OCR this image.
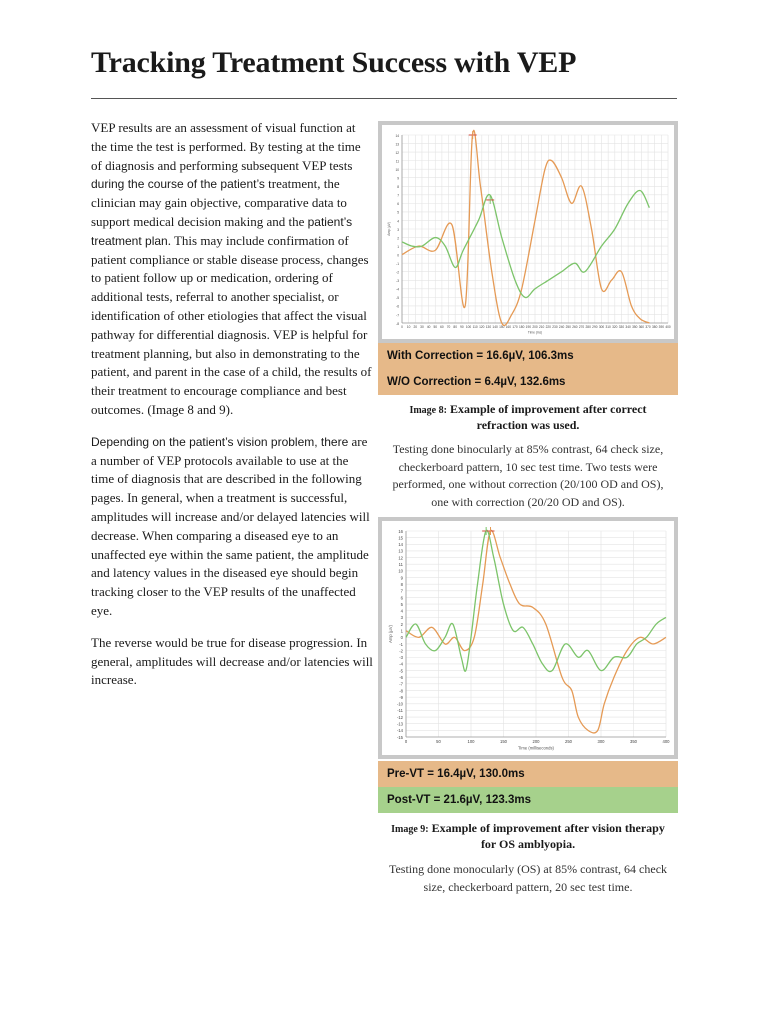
Tracking Treatment Success with VEP

VEP results are an assessment of visual function at the time the test is performed. By testing at the time of diagnosis and performing subsequent VEP tests during the course of the patient’s treatment, the clinician may gain objective, comparative data to support medical decision making and the patient’s treatment plan. This may include confirmation of patient compliance or stable disease process, changes to patient follow up or medication, ordering of additional tests, referral to another specialist, or identification of other etiologies that affect the visual pathway for differential diagnosis. VEP is helpful for treatment planning, but also in demonstrating to the patient, and parent in the case of a child, the results of their treatment to encourage compliance and best outcomes. (Image 8 and 9).

Depending on the patient’s vision problem, there are a number of VEP protocols available to use at the time of diagnosis that are described in the following pages. In general, when a treatment is successful, amplitudes will increase and/or delayed latencies will decrease. When comparing a diseased eye to an unaffected eye within the same patient, the amplitude and latency values in the diseased eye should begin tracking closer to the VEP results of the unaffected eye.

The reverse would be true for disease progression. In general, amplitudes will decrease and/or latencies will increase.

-8
-7
-6
-5
-4
-3
-2
-1
0
1
2
3
4
5
6
7
8
9
10
11
12
13
14
0 10 20 30 40 50 60 70 80 90 100 110 120 130 140 150 160 170 180 190 200 210 220 230 240 250 260 270 280 290 300 310 320 330 340 350 360 370 380 390 400
Time (ms)
Amp (µV)
With Correction = 16.6µV, 106.3ms
W/O Correction = 6.4µV, 132.6ms
Image 8: Example of improvement after correct refraction was used.
Testing done binocularly at 85% contrast, 64 check size, checkerboard pattern, 10 sec test time. Two tests were performed, one without correction (20/100 OD and OS), one with correction (20/20 OD and OS).
-15
-14
-13
-12
-11
-10
-9
-8
-7
-6
-5
-4
-3
-2
-1
0
1
2
3
4
5
6
7
8
9
10
11
12
13
14
15
16
0	50	100	150	200	250	300	350	400
Time (milliseconds)
Amp (µV)
Pre-VT = 16.4µV, 130.0ms
Post-VT = 21.6µV, 123.3ms
Image 9: Example of improvement after vision therapy for OS amblyopia.
Testing done monocularly (OS) at 85% contrast, 64 check size, checkerboard pattern, 20 sec test time.
